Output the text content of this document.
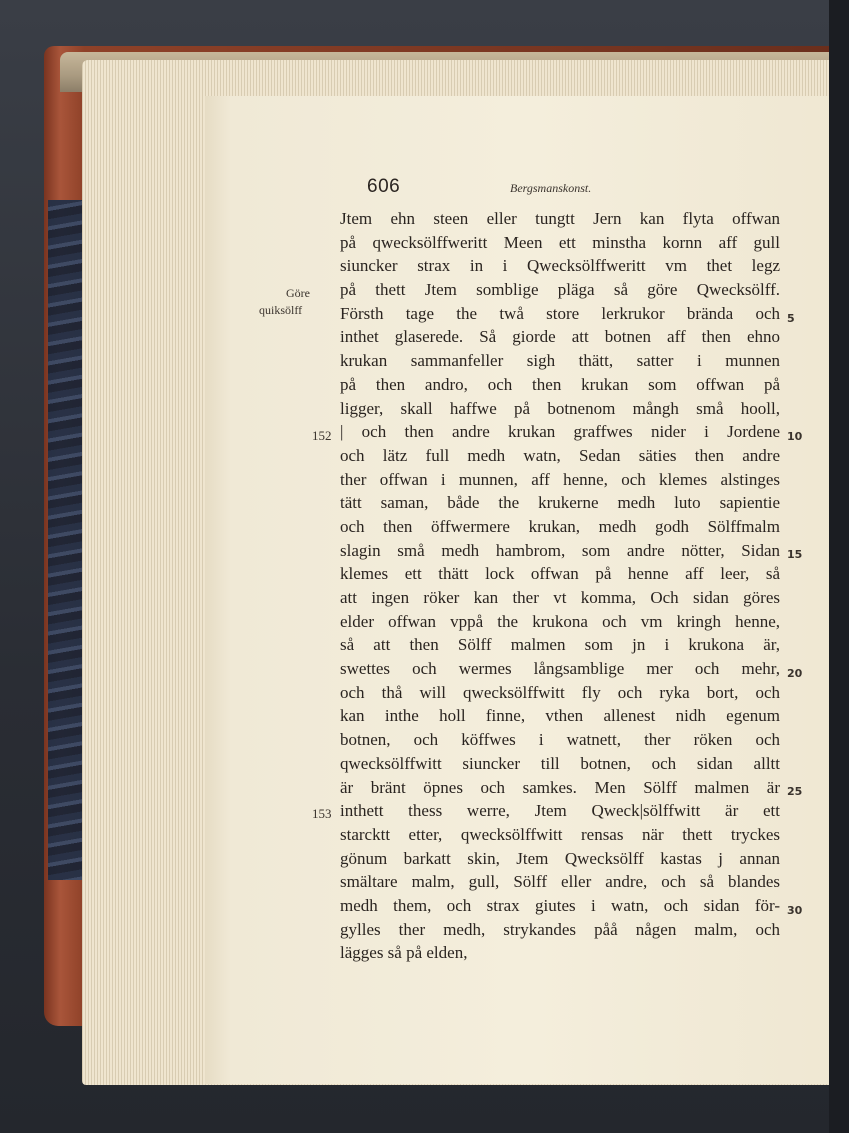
606	Bergsmanskonst.
Göre
quiksölff
152
153
5
10
15
20
25
30
Jtem ehn steen eller tungtt Jern kan flyta offwan
på qwecksölffweritt Meen ett minstha kornn aff gull
siuncker strax in i Qwecksölffweritt vm thet legz
på thett Jtem somblige pläga så göre Qwecksölff.
Försth tage the twå store lerkrukor brända och
inthet glaserede. Så giorde att botnen aff then ehno
krukan sammanfeller sigh thätt, satter i munnen
på then andro, och then krukan som offwan på
ligger, skall haffwe på botnenom mångh små hooll,
| och then andre krukan graffwes nider i Jordene
och lätz full medh watn, Sedan säties then andre
ther offwan i munnen, aff henne, och klemes alstinges
tätt saman, både the krukerne medh luto sapientie
och then öffwermere krukan, medh godh Sölffmalm
slagin små medh hambrom, som andre nötter, Sidan
klemes ett thätt lock offwan på henne aff leer, så
att ingen röker kan ther vt komma, Och sidan göres
elder offwan vppå the krukona och vm kringh henne,
så att then Sölff malmen som jn i krukona är,
swettes och wermes långsamblige mer och mehr,
och thå will qwecksölffwitt fly och ryka bort, och
kan inthe holl finne, vthen allenest nidh egenum
botnen, och köffwes i watnett, ther röken och
qwecksölffwitt siuncker till botnen, och sidan alltt
är bränt öpnes och samkes. Men Sölff malmen är
inthett thess werre, Jtem Qweck|sölffwitt är ett
starcktt etter, qwecksölffwitt rensas när thett tryckes
gönum barkatt skin, Jtem Qwecksölff kastas j annan
smältare malm, gull, Sölff eller andre, och så blandes
medh them, och strax giutes i watn, och sidan för-
gylles ther medh, strykandes påå någen malm, och
lägges så på elden,
